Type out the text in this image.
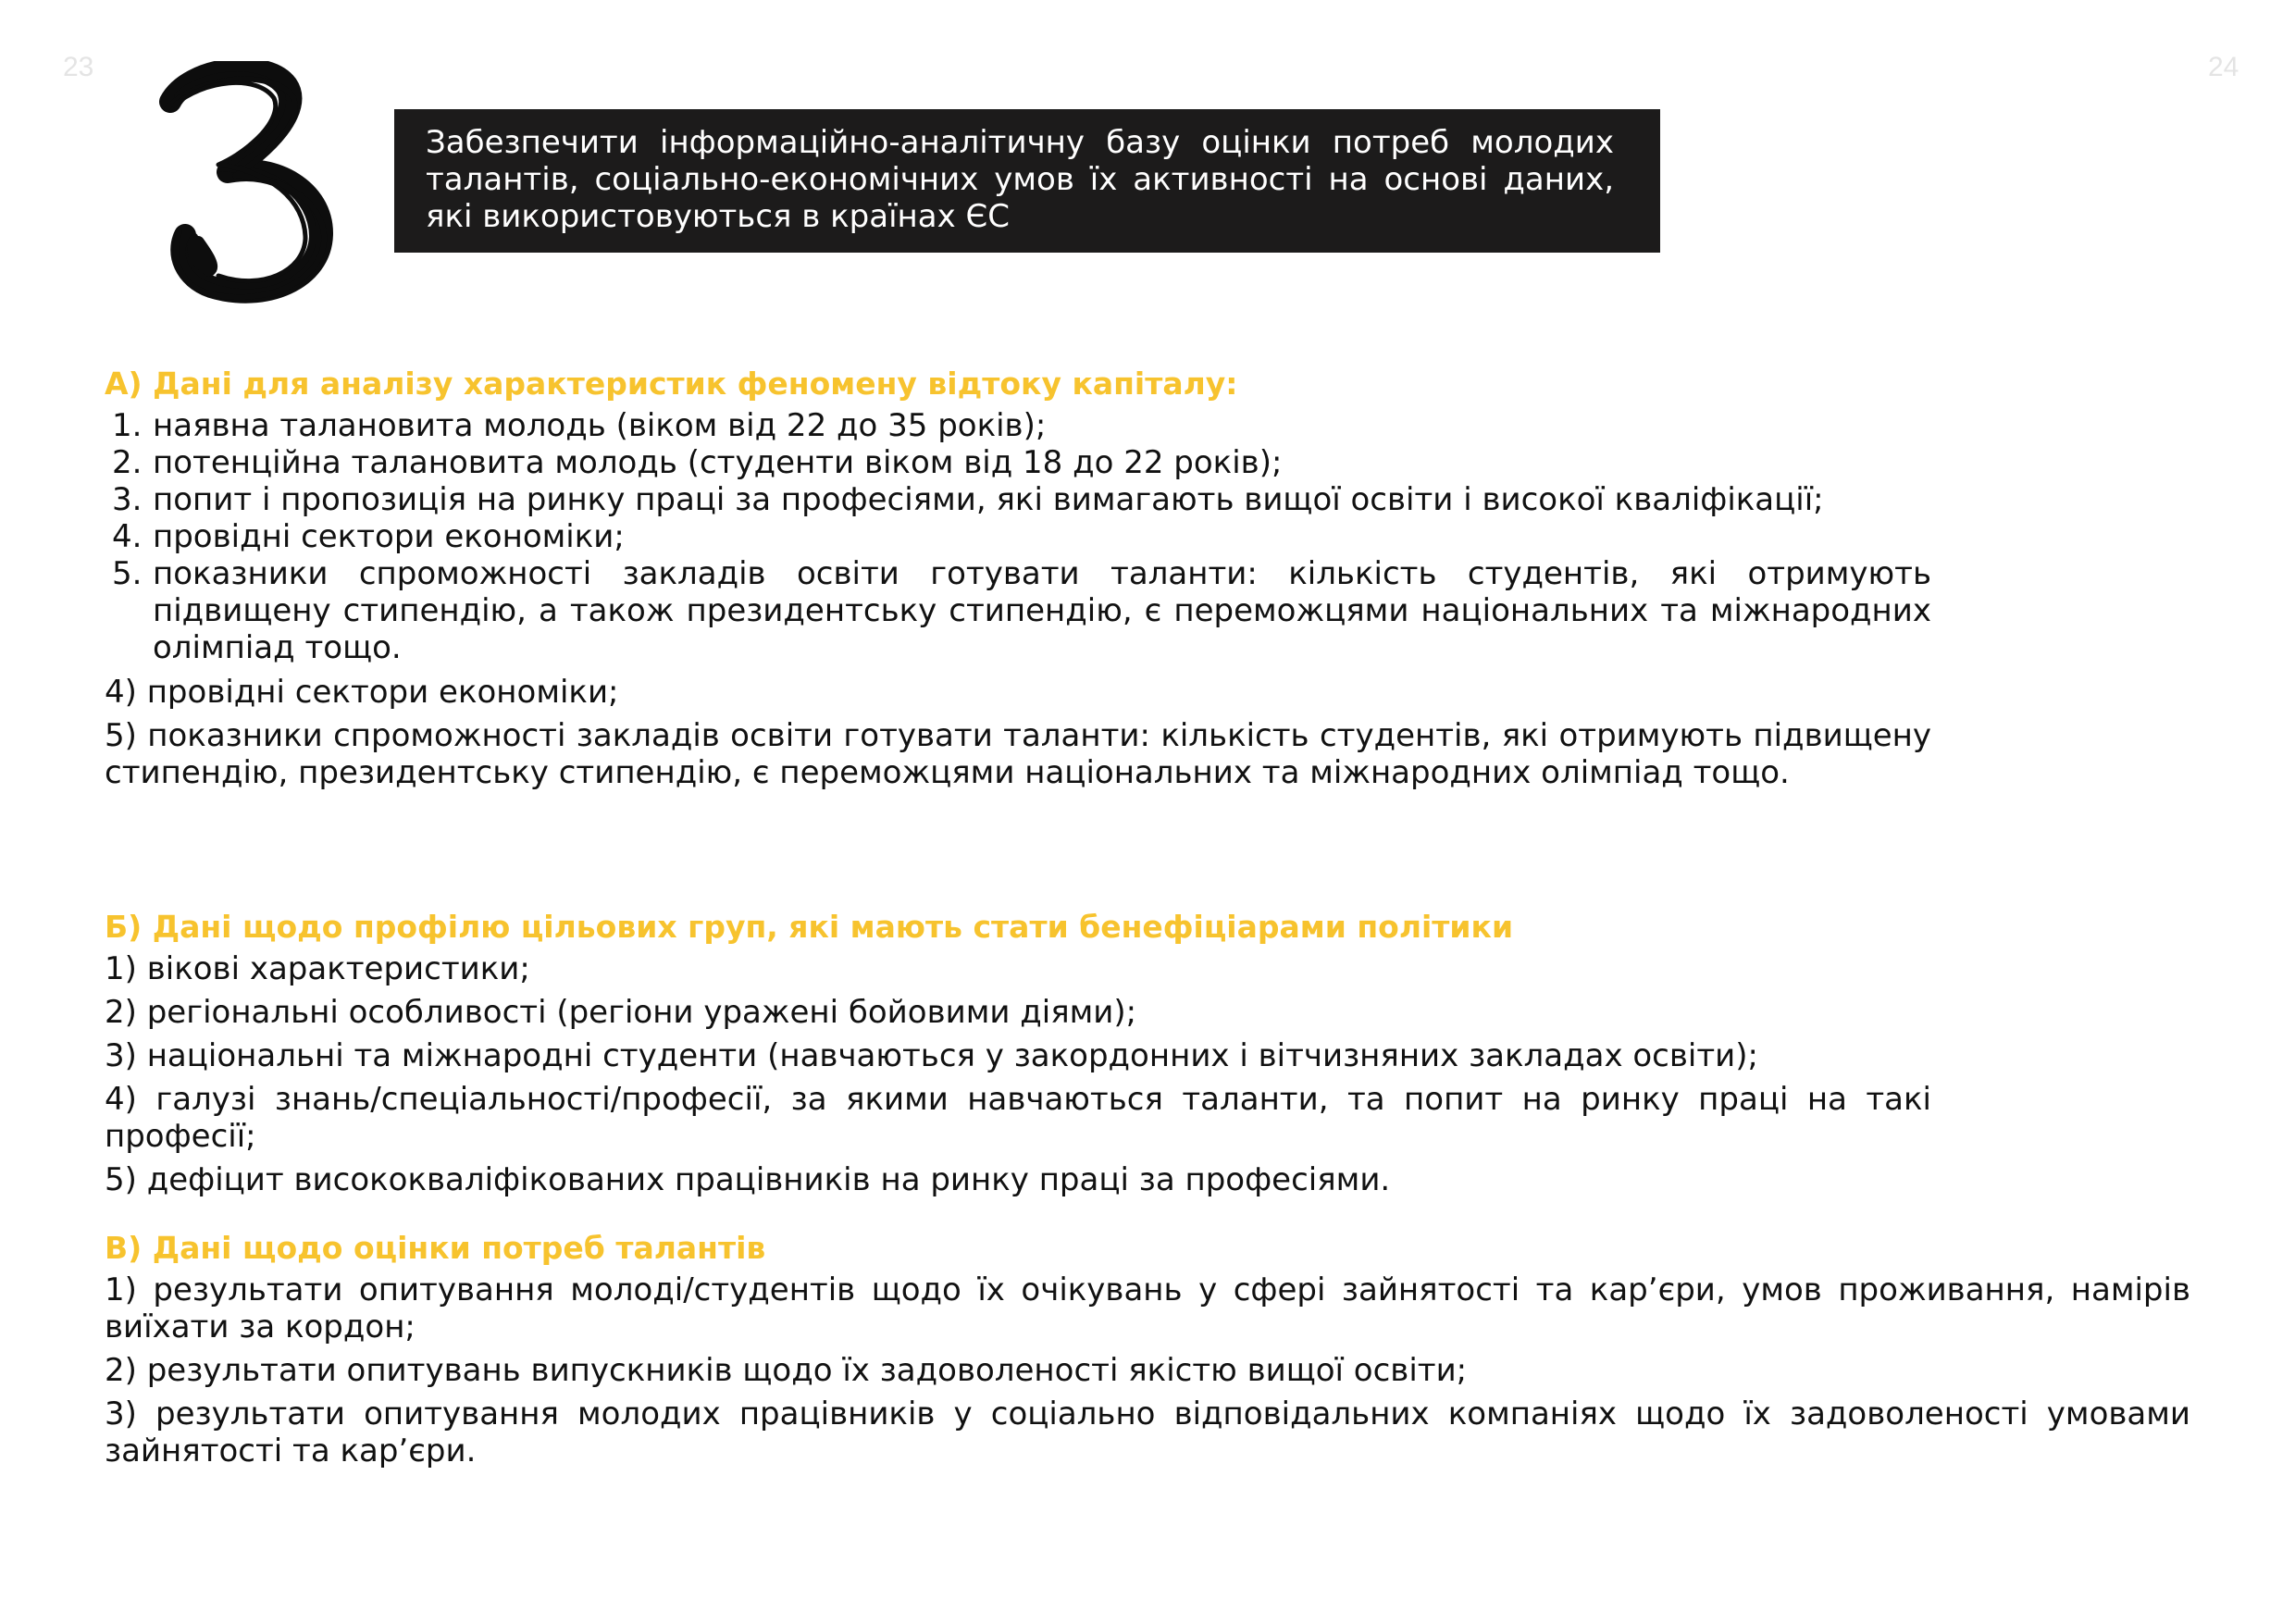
23	24

Забезпечити інформаційно-аналітичну базу оцінки потреб молодих талантів, соціально-економічних умов їх активності на основі даних, які використовуються в країнах ЄС

А) Дані для аналізу характеристик феномену відтоку капіталу:
1. наявна талановита молодь (віком від 22 до 35 років);
2. потенційна талановита молодь (студенти віком від 18 до 22 років);
3. попит і пропозиція на ринку праці за професіями, які вимагають вищої освіти і високої кваліфікації;
4. провідні сектори економіки;
5. показники спроможності закладів освіти готувати таланти: кількість студентів, які отримують підвищену стипендію, а також президентську стипендію, є переможцями національних та міжнародних олімпіад тощо.

4) провідні сектори економіки;

5) показники спроможності закладів освіти готувати таланти: кількість студентів, які отримують підвищену стипендію, президентську стипендію, є переможцями національних та міжнародних олімпіад тощо.

Б) Дані щодо профілю цільових груп, які мають стати бенефіціарами політики

1) вікові характеристики;

2) регіональні особливості (регіони уражені бойовими діями);

3) національні та міжнародні студенти (навчаються у закордонних і вітчизняних закладах освіти);

4) галузі знань/спеціальності/професії, за якими навчаються таланти, та попит на ринку праці на такі професії;

5) дефіцит висококваліфікованих працівників на ринку праці за професіями.

В) Дані щодо оцінки потреб талантів

1) результати опитування молоді/студентів щодо їх очікувань у сфері зайнятості та кар’єри, умов проживання, намірів виїхати за кордон;

2) результати опитувань випускників щодо їх задоволеності якістю вищої освіти;

3) результати опитування молодих працівників у соціально відповідальних компаніях щодо їх задоволеності умовами зайнятості та кар’єри.
